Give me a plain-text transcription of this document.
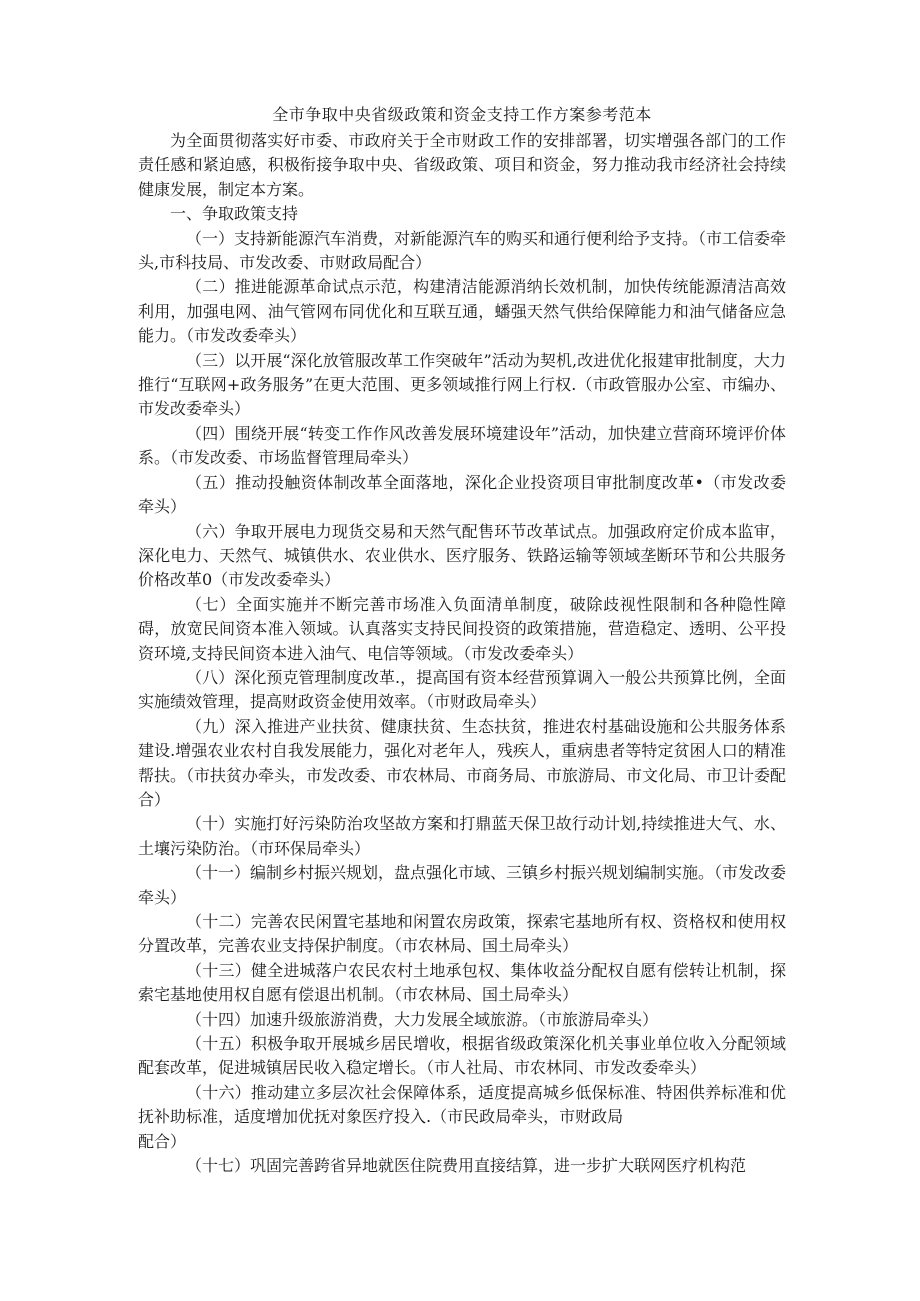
全市争取中央省级政策和资金支持工作方案参考范本

为全面贯彻落实好市委、市政府关于全市财政工作的安排部署，切实增强各部门的工作责任感和紧迫感，积极衔接争取中央、省级政策、项目和资金，努力推动我市经济社会持续健康发展，制定本方案。

一、争取政策支持

（一）支持新能源汽车消费，对新能源汽车的购买和通行便利给予支持。（市工信委牵头,市科技局、市发改委、市财政局配合）

（二）推进能源革命试点示范，构建清洁能源消纳长效机制，加快传统能源清洁高效利用，加强电网、油气管网布同优化和互联互通，蟠强天然气供给保障能力和油气储备应急能力。（市发改委牵头）

（三）以开展“深化放管服改革工作突破年”活动为契机,改进优化报建审批制度，大力推行“互联网+政务服务”在更大范围、更多领域推行网上行权.（市政管服办公室、市编办、市发改委牵头）

（四）围绕开展“转变工作作风改善发展环境建设年”活动，加快建立营商环境评价体系。（市发改委、市场监督管理局牵头）

（五）推动投触资体制改革全面落地，深化企业投资项目审批制度改革•（市发改委牵头）

（六）争取开展电力现货交易和天然气配售环节改革试点。加强政府定价成本监审，深化电力、天然气、城镇供水、农业供水、医疗服务、铁路运输等领域垄断环节和公共服务价格改革0（市发改委牵头）

（七）全面实施并不断完善市场准入负面清单制度，破除歧视性限制和各种隐性障碍，放宽民间资本准入领域。认真落实支持民间投资的政策措施，营造稳定、透明、公平投资环境,支持民间资本进入油气、电信等领域。（市发改委牵头）

（八）深化预克管理制度改革.，提高国有资本经营预算调入一般公共预算比例，全面实施绩效管理，提高财政资金使用效率。（市财政局牵头）

（九）深入推进产业扶贫、健康扶贫、生态扶贫，推进农村基础设施和公共服务体系建设.增强农业农村自我发展能力，强化对老年人，残疾人，重病患者等特定贫困人口的精准帮扶。（市扶贫办牵头，市发改委、市农林局、市商务局、市旅游局、市文化局、市卫计委配合）

（十）实施打好污染防治攻坚故方案和打鼎蓝天保卫故行动计划,持续推进大气、水、土壤污染防治。（市环保局牵头）

（十一）编制乡村振兴规划，盘点强化市域、三镇乡村振兴规划编制实施。（市发改委牵头）

（十二）完善农民闲置宅基地和闲置农房政策，探索宅基地所有权、资格权和使用权分置改革，完善农业支持保护制度。（市农林局、国土局牵头）

（十三）健全进城落户农民农村土地承包权、集体收益分配权自愿有偿转让机制，探索宅基地使用权自愿有偿退出机制。（市农林局、国土局牵头）

（十四）加速升级旅游消费，大力发展全域旅游。（市旅游局牵头）

（十五）积极争取开展城乡居民增收，根据省级政策深化机关事业单位收入分配领域配套改革，促进城镇居民收入稳定增长。（市人社局、市农林同、市发改委牵头）

（十六）推动建立多层次社会保障体系，适度提高城乡低保标准、特困供养标准和优抚补助标准，适度增加优抚对象医疗投入.（市民政局牵头，市财政局

配合）

（十七）巩固完善跨省异地就医住院费用直接结算，进一步扩大联网医疗机构范
